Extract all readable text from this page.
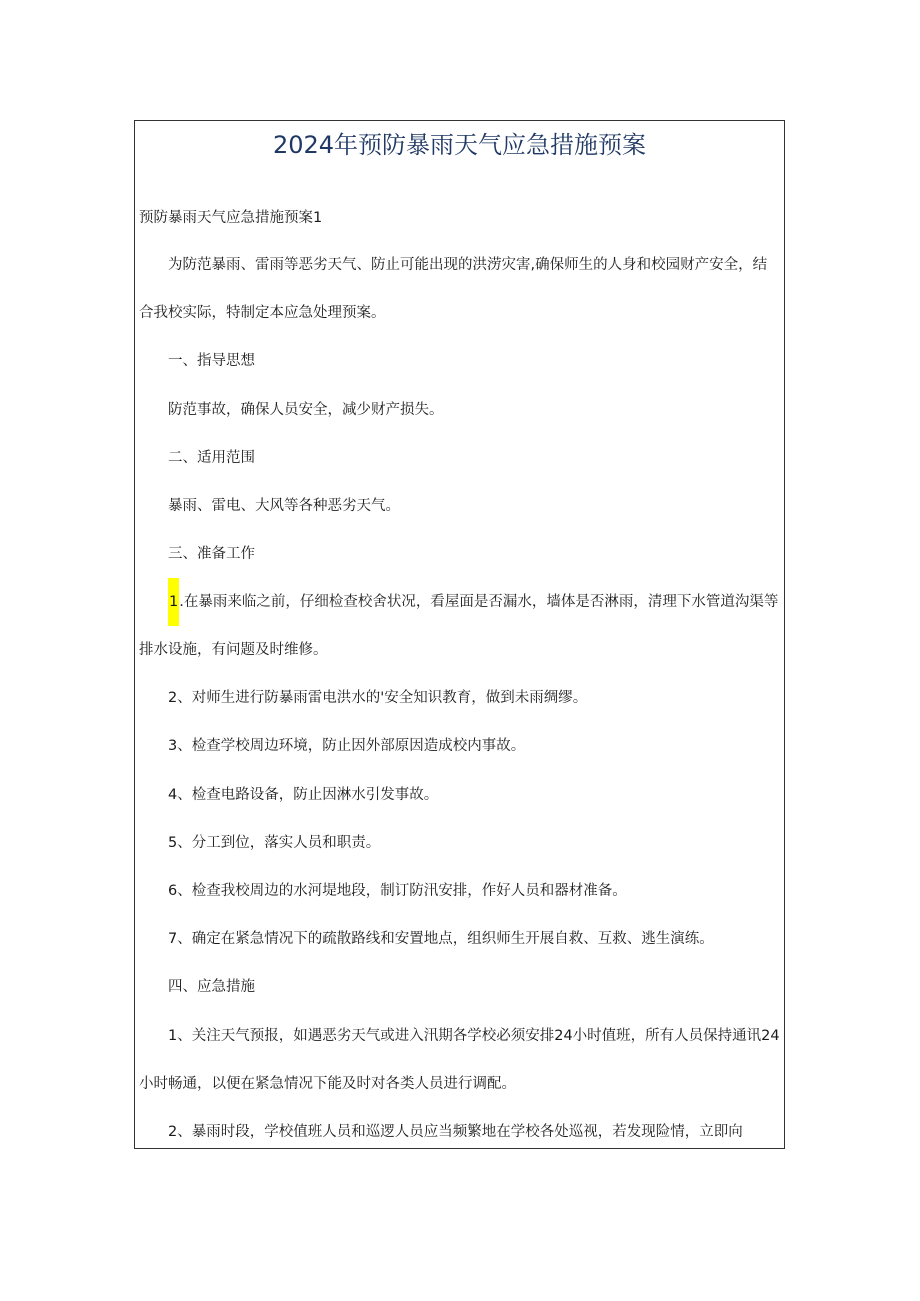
2024年预防暴雨天气应急措施预案
预防暴雨天气应急措施预案1
为防范暴雨、雷雨等恶劣天气、防止可能出现的洪涝灾害,确保师生的人身和校园财产安全，结
合我校实际，特制定本应急处理预案。
一、指导思想
防范事故，确保人员安全，减少财产损失。
二、适用范围
暴雨、雷电、大风等各种恶劣天气。
三、准备工作
1.在暴雨来临之前，仔细检查校舍状况，看屋面是否漏水，墙体是否淋雨，清理下水管道沟渠等
排水设施，有问题及时维修。
2、对师生进行防暴雨雷电洪水的'安全知识教育，做到未雨绸缪。
3、检查学校周边环境，防止因外部原因造成校内事故。
4、检查电路设备，防止因淋水引发事故。
5、分工到位，落实人员和职责。
6、检查我校周边的水河堤地段，制订防汛安排，作好人员和器材准备。
7、确定在紧急情况下的疏散路线和安置地点，组织师生开展自救、互救、逃生演练。
四、应急措施
1、关注天气预报，如遇恶劣天气或进入汛期各学校必须安排24小时值班，所有人员保持通讯24
小时畅通，以便在紧急情况下能及时对各类人员进行调配。
2、暴雨时段，学校值班人员和巡逻人员应当频繁地在学校各处巡视，若发现险情，立即向
